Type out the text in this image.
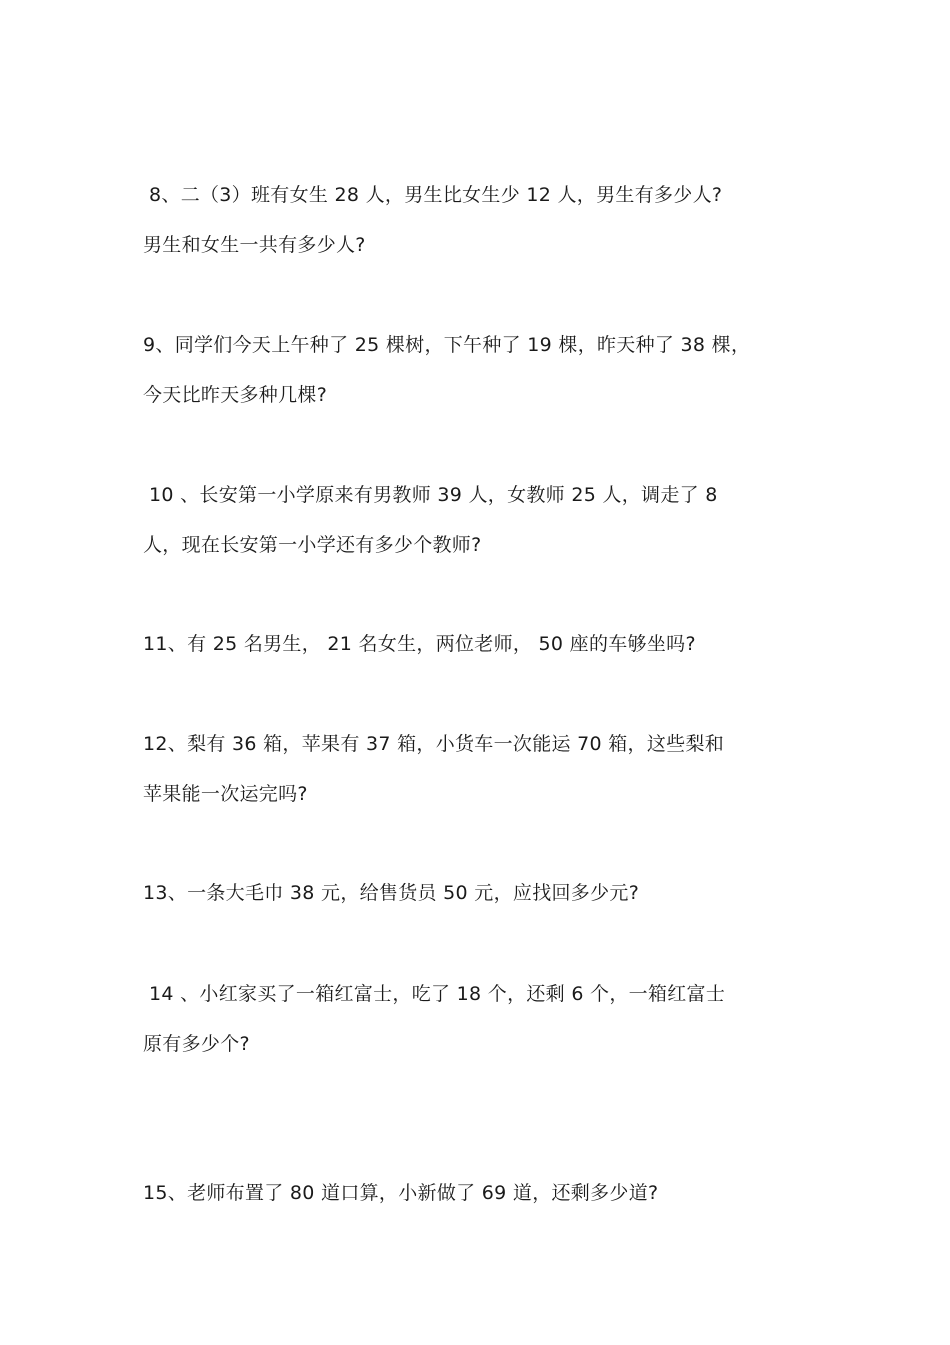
8、二（3）班有女生 28 人，男生比女生少 12 人，男生有多少人?
男生和女生一共有多少人?
9、同学们今天上午种了 25 棵树，下午种了 19 棵，昨天种了 38 棵，
今天比昨天多种几棵?
10 、长安第一小学原来有男教师 39 人，女教师 25 人，调走了 8
人，现在长安第一小学还有多少个教师?
11、有 25 名男生， 21 名女生，两位老师， 50 座的车够坐吗?
12、梨有 36 箱，苹果有 37 箱，小货车一次能运 70 箱，这些梨和
苹果能一次运完吗?
13、一条大毛巾 38 元，给售货员 50 元，应找回多少元?
14 、小红家买了一箱红富士，吃了 18 个，还剩 6 个，一箱红富士
原有多少个?
15、老师布置了 80 道口算，小新做了 69 道，还剩多少道?
